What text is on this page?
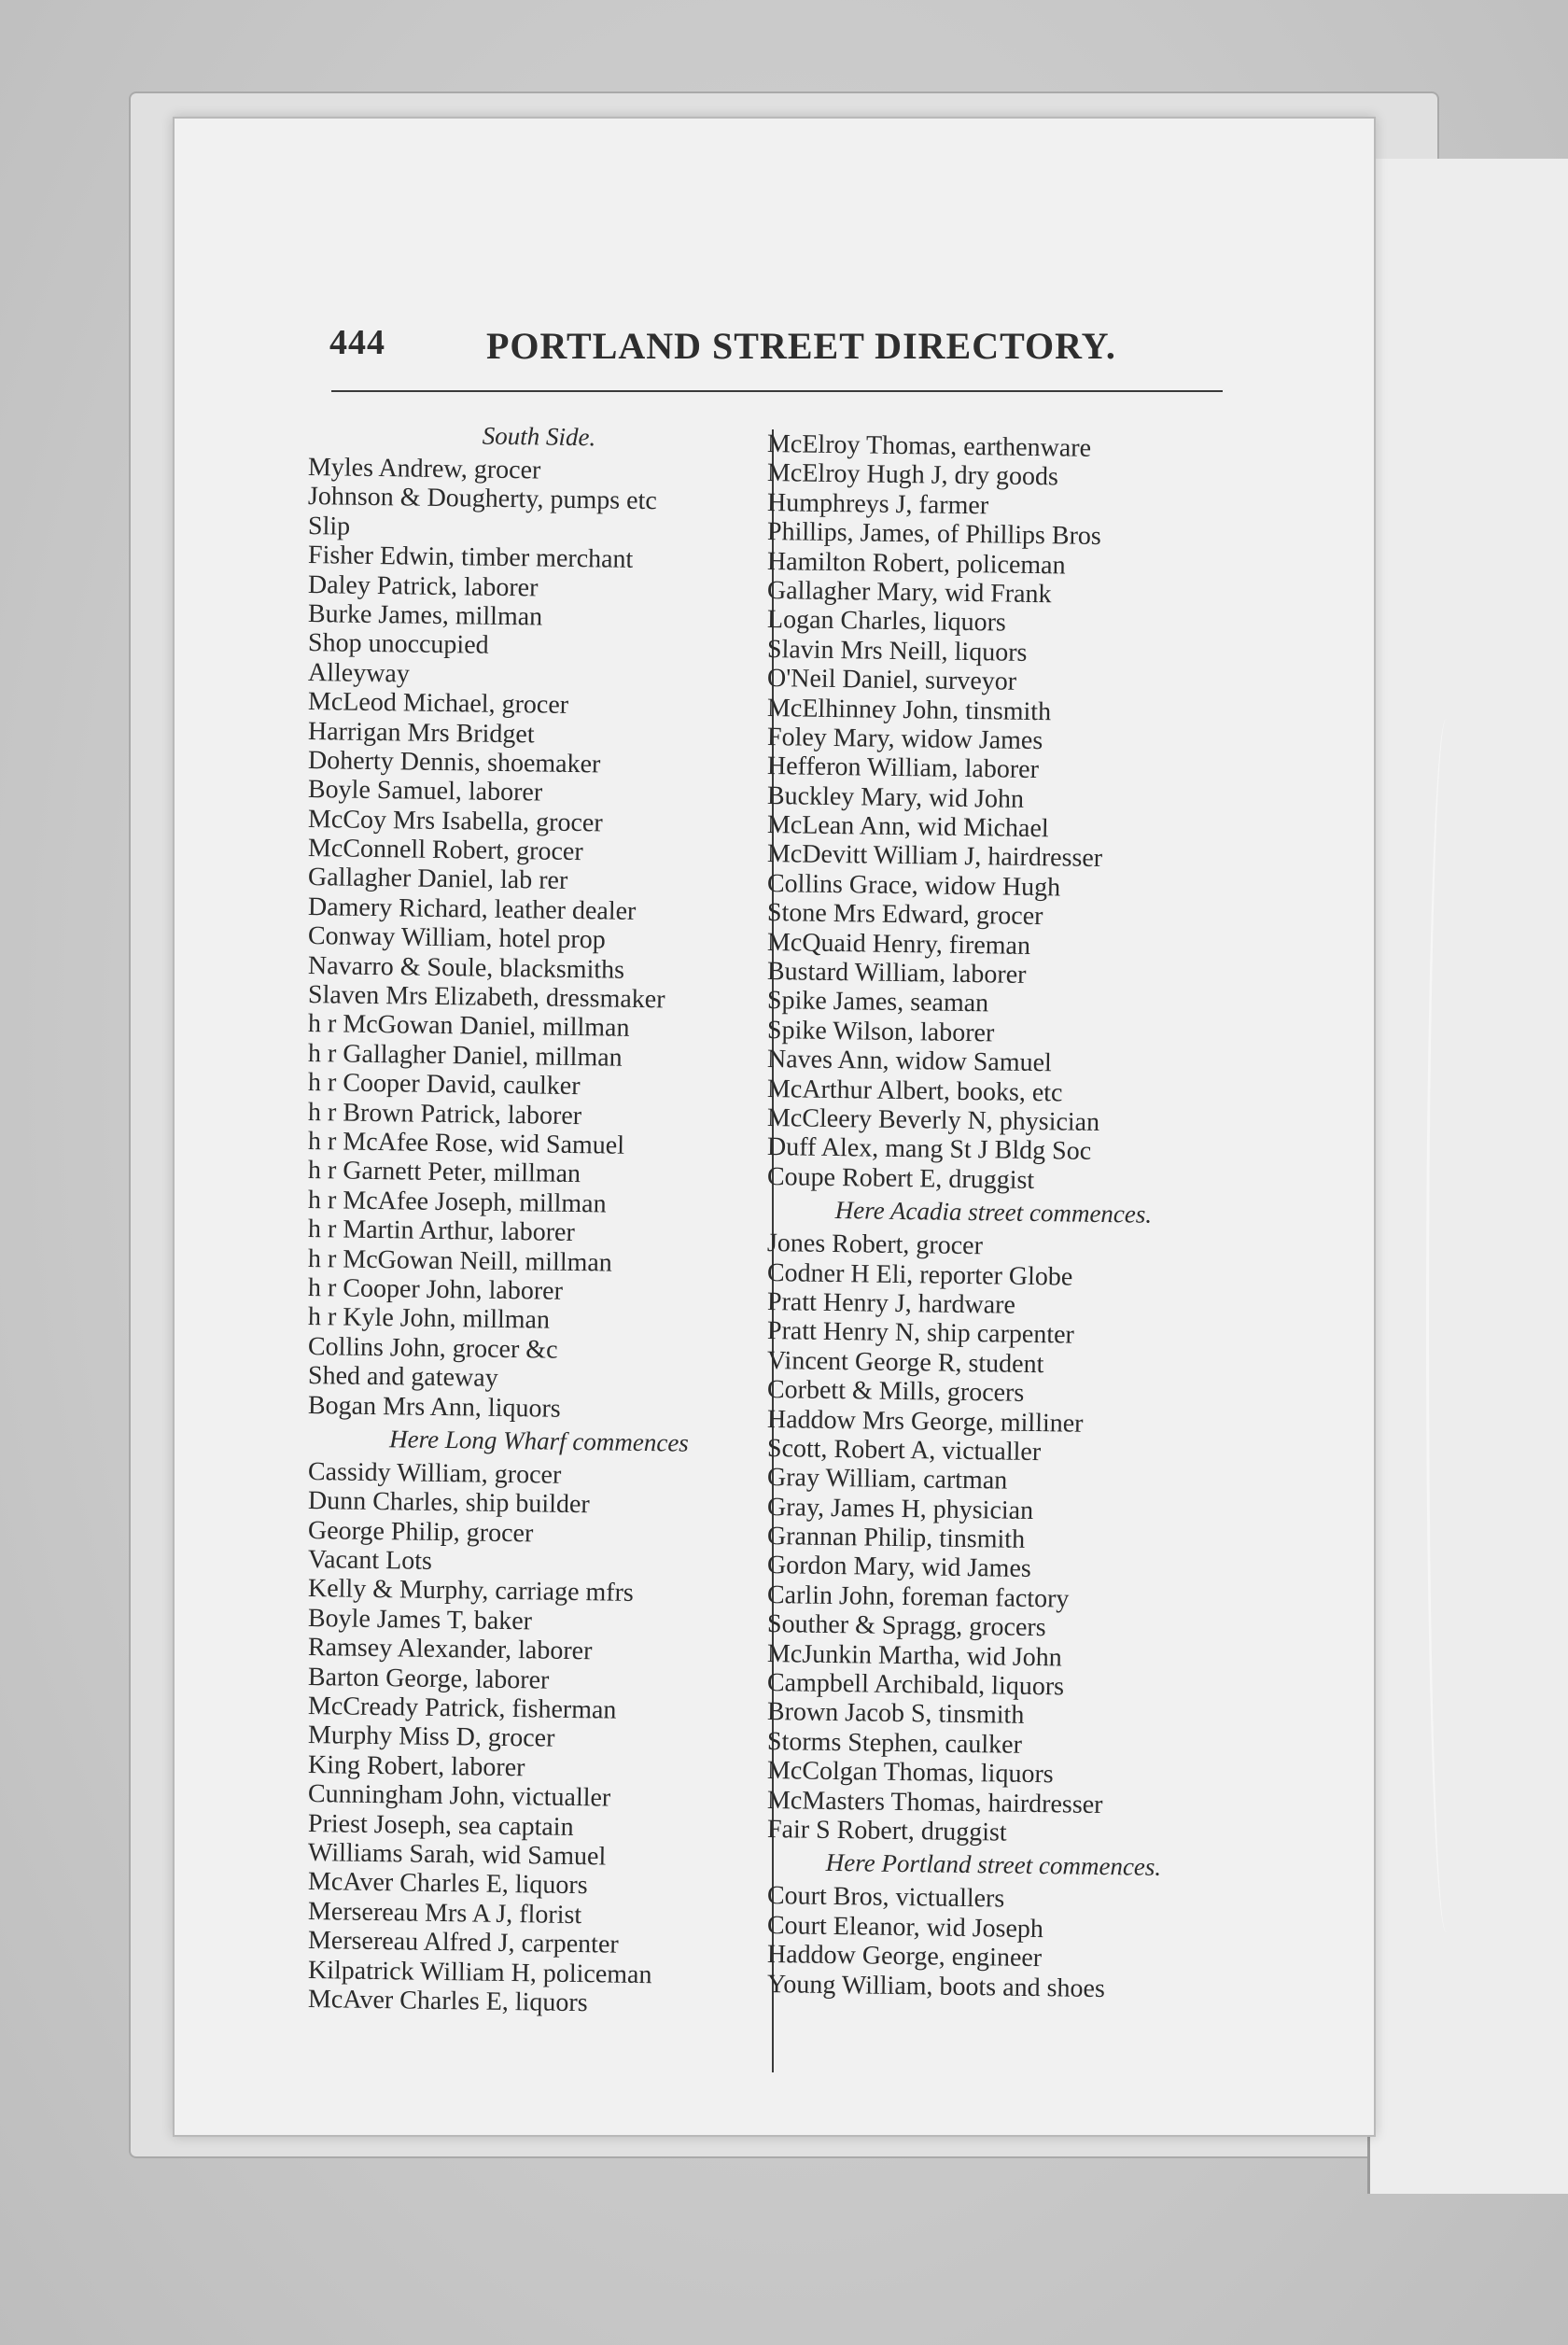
444	PORTLAND STREET DIRECTORY.
South Side.
Myles Andrew, grocer
Johnson & Dougherty, pumps etc
Slip
Fisher Edwin, timber merchant
Daley Patrick, laborer
Burke James, millman
Shop unoccupied
Alleyway
McLeod Michael, grocer
Harrigan Mrs Bridget
Doherty Dennis, shoemaker
Boyle Samuel, laborer
McCoy Mrs Isabella, grocer
McConnell Robert, grocer
Gallagher Daniel, lab rer
Damery Richard, leather dealer
Conway William, hotel prop
Navarro & Soule, blacksmiths
Slaven Mrs Elizabeth, dressmaker
h r McGowan Daniel, millman
h r Gallagher Daniel, millman
h r Cooper David, caulker
h r Brown Patrick, laborer
h r McAfee Rose, wid Samuel
h r Garnett Peter, millman
h r McAfee Joseph, millman
h r Martin Arthur, laborer
h r McGowan Neill, millman
h r Cooper John, laborer
h r Kyle John, millman
Collins John, grocer &c
Shed and gateway
Bogan Mrs Ann, liquors
Here Long Wharf commences
Cassidy William, grocer
Dunn Charles, ship builder
George Philip, grocer
Vacant Lots
Kelly & Murphy, carriage mfrs
Boyle James T, baker
Ramsey Alexander, laborer
Barton George, laborer
McCready Patrick, fisherman
Murphy Miss D, grocer
King Robert, laborer
Cunningham John, victualler
Priest Joseph, sea captain
Williams Sarah, wid Samuel
McAver Charles E, liquors
Mersereau Mrs A J, florist
Mersereau Alfred J, carpenter
Kilpatrick William H, policeman
McAver Charles E, liquors
McElroy Thomas, earthenware
McElroy Hugh J, dry goods
Humphreys J, farmer
Phillips, James, of Phillips Bros
Hamilton Robert, policeman
Gallagher Mary, wid Frank
Logan Charles, liquors
Slavin Mrs Neill, liquors
O'Neil Daniel, surveyor
McElhinney John, tinsmith
Foley Mary, widow James
Hefferon William, laborer
Buckley Mary, wid John
McLean Ann, wid Michael
McDevitt William J, hairdresser
Collins Grace, widow Hugh
Stone Mrs Edward, grocer
McQuaid Henry, fireman
Bustard William, laborer
Spike James, seaman
Spike Wilson, laborer
Naves Ann, widow Samuel
McArthur Albert, books, etc
McCleery Beverly N, physician
Duff Alex, mang St J Bldg Soc
Coupe Robert E, druggist
Here Acadia street commences.
Jones Robert, grocer
Codner H Eli, reporter Globe
Pratt Henry J, hardware
Pratt Henry N, ship carpenter
Vincent George R, student
Corbett & Mills, grocers
Haddow Mrs George, milliner
Scott, Robert A, victualler
Gray William, cartman
Gray, James H, physician
Grannan Philip, tinsmith
Gordon Mary, wid James
Carlin John, foreman factory
Souther & Spragg, grocers
McJunkin Martha, wid John
Campbell Archibald, liquors
Brown Jacob S, tinsmith
Storms Stephen, caulker
McColgan Thomas, liquors
McMasters Thomas, hairdresser
Fair S Robert, druggist
Here Portland street commences.
Court Bros, victuallers
Court Eleanor, wid Joseph
Haddow George, engineer
Young William, boots and shoes
